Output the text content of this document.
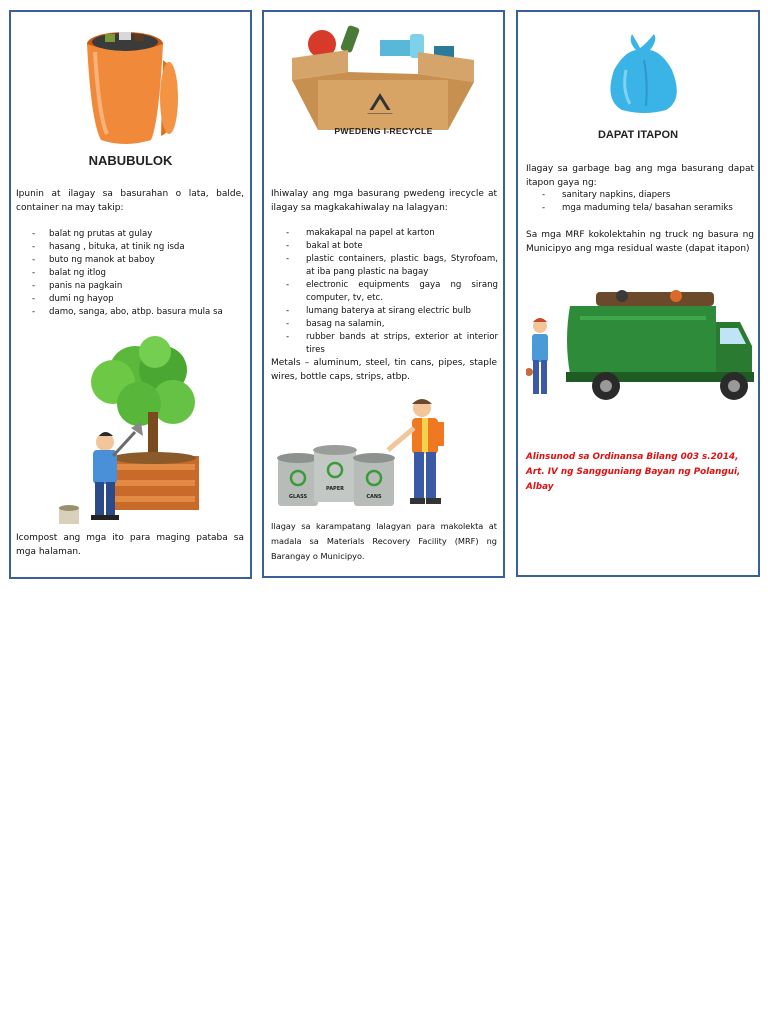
NABUBULOK
Ipunin at ilagay sa basurahan o lata, balde, container na may takip:
- balat ng prutas at gulay
- hasang , bituka, at tinik ng isda
- buto ng manok at baboy
- balat ng itlog
- panis na pagkain
- dumi ng hayop
- damo, sanga, abo, atbp. basura mula sa
Icompost ang mga ito para maging pataba sa mga halaman.
PWEDENG I-RECYCLE
Ihiwalay ang mga basurang pwedeng irecycle at ilagay sa magkakahiwalay na lalagyan:
-	makakapal na papel at karton
-	bakal at bote
-	plastic containers, plastic bags, Styrofoam, at iba pang plastic na bagay
-	electronic equipments gaya ng sirang computer, tv, etc.
-	lumang baterya at sirang electric bulb
-	basag na salamin,
-	rubber bands at strips, exterior at interior tires
Metals – aluminum, steel, tin cans, pipes, staple wires, bottle caps, strips, atbp.
GLASS
PAPER
CANS
Ilagay sa karampatang lalagyan para makolekta at madala sa Materials Recovery Facility (MRF) ng Barangay o Municipyo.
DAPAT ITAPON
Ilagay sa garbage bag ang mga basurang dapat itapon gaya ng:
- sanitary napkins, diapers
- mga maduming tela/ basahan seramiks
Sa mga MRF kokolektahin ng truck ng basura ng Municipyo ang mga residual waste (dapat itapon)
Alinsunod sa Ordinansa Bilang 003 s.2014, Art. IV ng Sangguniang Bayan ng Polangui, Albay
